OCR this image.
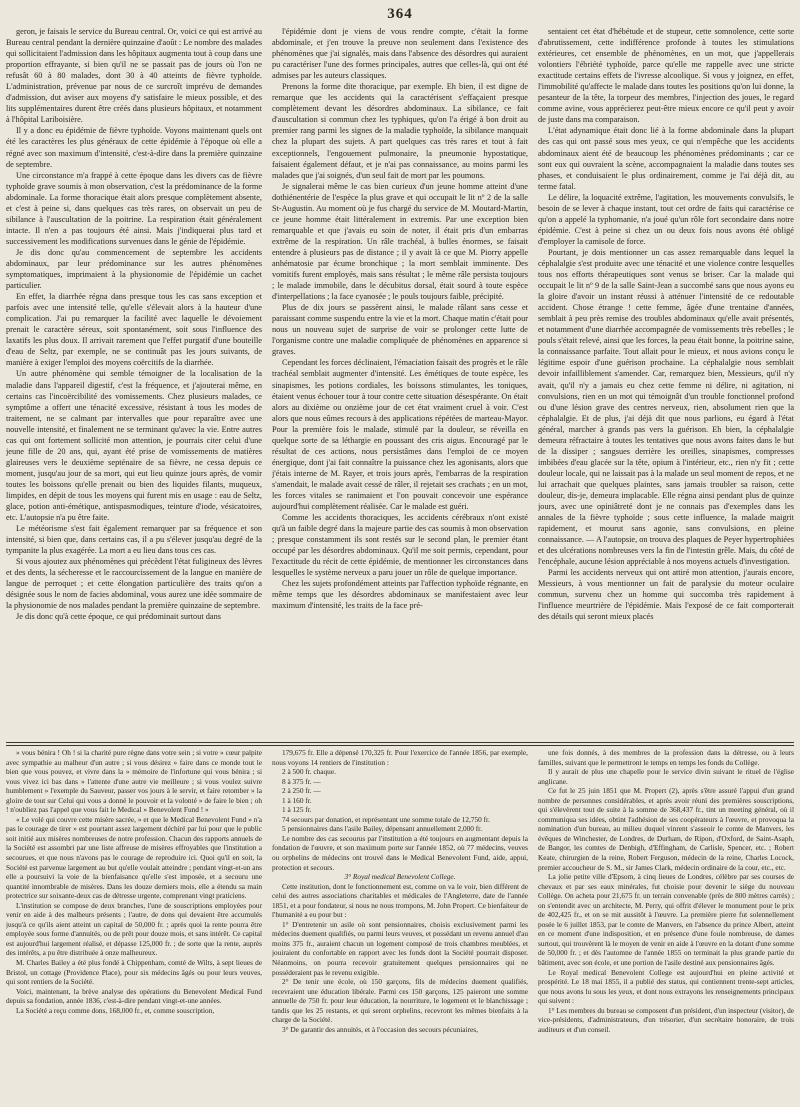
364

geron, je faisais le service du Bureau central. Or, voici ce qui est arrivé au Bureau central pendant la dernière quinzaine d'août : Le nombre des malades qui sollicitaient l'admission dans les hôpitaux augmenta tout à coup dans une proportion effrayante, si bien qu'il ne se passait pas de jours où l'on ne refusât 60 à 80 malades, dont 30 à 40 atteints de fièvre typhoïde. L'administration, prévenue par nous de ce surcroît imprévu de demandes d'admission, dut aviser aux moyens d'y satisfaire le mieux possible, et des lits supplémentaires durent être créés dans plusieurs hôpitaux, et notamment à l'hôpital Lariboisière.

Il y a donc eu épidémie de fièvre typhoïde. Voyons maintenant quels ont été les caractères les plus généraux de cette épidémie à l'époque où elle a régné avec son maximum d'intensité, c'est-à-dire dans la première quinzaine de septembre.

Une circonstance m'a frappé à cette époque dans les divers cas de fièvre typhoïde grave soumis à mon observation, c'est la prédominance de la forme abdominale. La forme thoracique était alors presque complètement absente, et c'est à peine si, dans quelques cas très rares, on observait un peu de sibilance à l'auscultation de la poitrine. La respiration était généralement intacte. Il n'en a pas toujours été ainsi. Mais j'indiquerai plus tard et successivement les modifications survenues dans le génie de l'épidémie.

Je dis donc qu'au commencement de septembre les accidents abdominaux, par leur prédominance sur les autres phénomènes symptomatiques, imprimaient à la physionomie de l'épidémie un cachet particulier.

En effet, la diarrhée régna dans presque tous les cas sans exception et parfois avec une intensité telle, qu'elle s'élevait alors à la hauteur d'une complication. J'ai pu remarquer la facilité avec laquelle le dévoiement prenait le caractère séreux, soit spontanément, soit sous l'influence des laxatifs les plus doux. Il arrivait rarement que l'effet purgatif d'une bouteille d'eau de Seltz, par exemple, ne se continuât pas les jours suivants, de manière à exiger l'emploi des moyens coërcitifs de la diarrhée.

Un autre phénomène qui semble témoigner de la localisation de la maladie dans l'appareil digestif, c'est la fréquence, et j'ajouterai même, en certains cas l'incoërcibilité des vomissements. Chez plusieurs malades, ce symptôme a offert une ténacité excessive, résistant à tous les modes de traitement, ne se calmant par intervalles que pour reparaître avec une nouvelle intensité, et finalement ne se terminant qu'avec la vie. Entre autres cas qui ont fortement sollicité mon attention, je pourrais citer celui d'une jeune fille de 20 ans, qui, ayant été prise de vomissements de matières glaireuses vers le deuxième septénaire de sa fièvre, ne cessa depuis ce moment, jusqu'au jour de sa mort, qui eut lieu quinze jours après, de vomir toutes les boissons qu'elle prenait ou bien des liquides filants, muqueux, limpides, en dépit de tous les moyens qui furent mis en usage : eau de Seltz, glace, potion anti-émétique, antispasmodiques, teinture d'iode, vésicatoires, etc. L'autopsie n'a pu être faite.

Le météorisme s'est fait également remarquer par sa fréquence et son intensité, si bien que, dans certains cas, il a pu s'élever jusqu'au degré de la tympanite la plus exagérée. La mort a eu lieu dans tous ces cas.

Si vous ajoutez aux phénomènes qui précèdent l'état fuligineux des lèvres et des dents, la sécheresse et le raccourcissement de la langue en manière de langue de perroquet ; et cette élongation particulière des traits qu'on a désignée sous le nom de facies abdominal, vous aurez une idée sommaire de la physionomie de nos malades pendant la première quinzaine de septembre.

Je dis donc qu'à cette époque, ce qui prédominait surtout dans

l'épidémie dont je viens de vous rendre compte, c'était la forme abdominale, et j'en trouve la preuve non seulement dans l'existence des phénomènes que j'ai signalés, mais dans l'absence des désordres qui auraient pu caractériser l'une des formes principales, autres que celles-là, qui ont été admises par les auteurs classiques.

Prenons la forme dite thoracique, par exemple. Eh bien, il est digne de remarque que les accidents qui la caractérisent s'effaçaient presque complètement devant les désordres abdominaux. La sibilance, ce fait d'auscultation si commun chez les typhiques, qu'on l'a érigé à bon droit au premier rang parmi les signes de la maladie typhoïde, la sibilance manquait chez la plupart des sujets. A part quelques cas très rares et tout à fait exceptionnels, l'engouement pulmonaire, la pneumonie hypostatique, faisaient également défaut, et je n'ai pas connaissance, au moins parmi les malades que j'ai soignés, d'un seul fait de mort par les poumons.

Je signalerai même le cas bien curieux d'un jeune homme atteint d'une dothiénentérie de l'espèce la plus grave et qui occupait le lit nº 2 de la salle St-Augustin. Au moment où je fus chargé du service de M. Moutard-Martin, ce jeune homme était littéralement in extremis. Par une exception bien remarquable et que j'avais eu soin de noter, il était pris d'un embarras extrême de la respiration. Un râle trachéal, à bulles énormes, se faisait entendre à plusieurs pas de distance ; il y avait là ce que M. Piorry appelle anhématosie par écume bronchique ; la mort semblait imminente. Des vomitifs furent employés, mais sans résultat ; le même râle persista toujours ; le malade immobile, dans le décubitus dorsal, était sourd à toute espèce d'interpellations ; la face cyanosée ; le pouls toujours faible, précipité.

Plus de dix jours se passèrent ainsi, le malade râlant sans cesse et paraissant comme suspendu entre la vie et la mort. Chaque matin c'était pour nous un nouveau sujet de surprise de voir se prolonger cette lutte de l'organisme contre une maladie compliquée de phénomènes en apparence si graves.

Cependant les forces déclinaient, l'émaciation faisait des progrès et le râle trachéal semblait augmenter d'intensité. Les émétiques de toute espèce, les sinapismes, les potions cordiales, les boissons stimulantes, les toniques, étaient venus échouer tour à tour contre cette situation désespérante. On était alors au dixième ou onzième jour de cet état vraiment cruel à voir. C'est alors que nous eûmes recours à des applications répétées de marteau-Mayor. Pour la première fois le malade, stimulé par la douleur, se réveilla en quelque sorte de sa léthargie en poussant des cris aigus. Encouragé par le résultat de ces actions, nous persistâmes dans l'emploi de ce moyen énergique, dont j'ai fait connaître la puissance chez les agonisants, alors que j'étais interne de M. Rayer, et trois jours après, l'embarras de la respiration s'amendait, le malade avait cessé de râler, il rejetait ses crachats ; en un mot, les forces vitales se ranimaient et l'on pouvait concevoir une espérance aujourd'hui complètement réalisée. Car le malade est guéri.

Comme les accidents thoraciques, les accidents cérébraux n'ont existé qu'à un faible degré dans la majeure partie des cas soumis à mon observation ; presque constamment ils sont restés sur le second plan, le premier étant occupé par les désordres abdominaux. Qu'il me soit permis, cependant, pour l'exactitude du récit de cette épidémie, de mentionner les circonstances dans lesquelles le système nerveux a paru jouer un rôle de quelque importance.

Chez les sujets profondément atteints par l'affection typhoïde régnante, en même temps que les désordres abdominaux se manifestaient avec leur maximum d'intensité, les traits de la face pré-

sentaient cet état d'hébétude et de stupeur, cette somnolence, cette sorte d'abrutissement, cette indifférence profonde à toutes les stimulations extérieures, cet ensemble de phénomènes, en un mot, que j'appellerais volontiers l'ébriété typhoïde, parce qu'elle me rappelle avec une stricte exactitude certains effets de l'ivresse alcoolique. Si vous y joignez, en effet, l'immobilité qu'affecte le malade dans toutes les positions qu'on lui donne, la pesanteur de la tête, la torpeur des membres, l'injection des joues, le regard comme avine, vous apprécierez peut-être mieux encore ce qu'il peut y avoir de juste dans ma comparaison.

L'état adynamique était donc lié à la forme abdominale dans la plupart des cas qui ont passé sous mes yeux, ce qui n'empêche que les accidents abdominaux aient été de beaucoup les phénomènes prédominants ; car ce sont eux qui ouvraient la scène, accompagnaient la maladie dans toutes ses phases, et conduisaient le plus ordinairement, comme je l'ai déjà dit, au terme fatal.

Le délire, la loquacité extrême, l'agitation, les mouvements convulsifs, le besoin de se lever à chaque instant, tout cet ordre de faits qui caractérise ce qu'on a appelé la typhomanie, n'a joué qu'un rôle fort secondaire dans notre épidémie. C'est à peine si chez un ou deux fois nous avons été obligé d'employer la camisole de force.

Pourtant, je dois mentionner un cas assez remarquable dans lequel la céphalalgie s'est produite avec une ténacité et une violence contre lesquelles tous nos efforts thérapeutiques sont venus se briser. Car la malade qui occupait le lit nº 9 de la salle Saint-Jean a succombé sans que nous ayons eu la gloire d'avoir un instant réussi à atténuer l'intensité de ce redoutable accident. Chose étrange ! cette femme, âgée d'une trentaine d'années, semblait à peu près remise des troubles abdominaux qu'elle avait présentés, et notamment d'une diarrhée accompagnée de vomissements très rebelles ; le pouls s'était relevé, ainsi que les forces, la peau était bonne, la poitrine saine, la connaissance parfaite. Tout allait pour le mieux, et nous avions conçu le légitime espoir d'une guérison prochaine. La céphalalgie nous semblait devoir infailliblement s'amender. Car, remarquez bien, Messieurs, qu'il n'y avait, qu'il n'y a jamais eu chez cette femme ni délire, ni agitation, ni convulsions, rien en un mot qui témoignât d'un trouble fonctionnel profond ou d'une lésion grave des centres nerveux, rien, absolument rien que la céphalalgie. Et de plus, j'ai déjà dit que nous parlions, eu égard à l'état général, marcher à grands pas vers la guérison. Eh bien, la céphalalgie demeura réfractaire à toutes les tentatives que nous avons faites dans le but de la dissiper ; sangsues derrière les oreilles, sinapismes, compresses imbibées d'eau glacée sur la tête, opium à l'intérieur, etc., rien n'y fit ; cette douleur locale, qui ne laissait pas à la malade un seul moment de repos, et ne lui arrachait que quelques plaintes, sans jamais troubler sa raison, cette douleur, dis-je, demeura implacable. Elle régna ainsi pendant plus de quinze jours, avec une opiniâtreté dont je ne connais pas d'exemples dans les annales de la fièvre typhoïde ; sous cette influence, la malade maigrit rapidement, et mourut sans agonie, sans convulsions, en pleine connaissance. — A l'autopsie, on trouva des plaques de Peyer hypertrophiées et des ulcérations nombreuses vers la fin de l'intestin grêle. Mais, du côté de l'encéphale, aucune lésion appréciable à nos moyens actuels d'investigation.

Parmi les accidents nerveux qui ont attiré mon attention, j'aurais encore, Messieurs, à vous mentionner un fait de paralysie du moteur oculaire commun, survenu chez un homme qui succomba très rapidement à l'influence meurtrière de l'épidémie. Mais l'exposé de ce fait comporterait des détails qui seront mieux placés

» vous bénira ! Oh ! si la charité pure règne dans votre sein ; si votre » cœur palpite avec sympathie au malheur d'un autre ; si vous désirez » faire dans ce monde tout le bien que vous pouvez, et vivre dans la » mémoire de l'infortune qui vous bénira ; si vous vivez ici bas dans » l'attente d'une autre vie meilleure ; si vous voulez suivre humblement » l'exemple du Sauveur, passer vos jours à le servir, et faire retomber » la gloire de tout sur Celui qui vous a donné le pouvoir et la volonté » de faire le bien ; oh ! n'oubliez pas l'appel que vous fait le Medical » Benevolent Fund ! »

« Le volé qui couvre cette misère sacrée, » et que le Medical Benevolent Fund » n'a pas le courage de tirer » est pourtant assez largement déchiré par lui pour que le public soit initié aux misères nombreuses de notre profession. Chacun des rapports annuels de la Société est assombri par une liste affreuse de misères effroyables que l'institution a secourues, et que nous n'avons pas le courage de reproduire ici. Quoi qu'il en soit, la Société est parvenue largement au but qu'elle voulait atteindre ; pendant vingt-et-un ans elle a poursuivi la voie de la bienfaisance qu'elle s'est imposée, et a secouru une quantité innombrable de misères. Dans les douze derniers mois, elle a étendu sa main protectrice sur soixante-deux cas de détresse urgente, comprenant vingt praticiens.

L'institution se compose de deux branches, l'une de souscriptions employées pour venir en aide à des malheurs présents ; l'autre, de dons qui devaient être accumulés jusqu'à ce qu'ils aient atteint un capital de 50,000 fr. ; après quoi la rente pourra être employée sous forme d'annuités, ou de prêt pour douze mois, et sans intérêt. Ce capital est aujourd'hui largement réalisé, et dépasse 125,000 fr. ; de sorte que la rente, auprès des intérêts, a pu être distribuée à onze malheureux.

M. Charles Bailey a été plus fondé à Chippenham, comté de Wilts, à sept lieues de Bristol, un cottage (Providence Place), pour six médecins âgés ou pour leurs veuves, qui sont rentiers de la Société.

Voici, maintenant, la brève analyse des opérations du Benevolent Medical Fund depuis sa fondation, année 1836, c'est-à-dire pendant vingt-et-une années.

La Société a reçu comme dons, 168,000 fr., et, comme souscription,

179,675 fr. Elle a dépensé 170,325 fr. Pour l'exercice de l'année 1856, par exemple, nous voyons 14 rentiers de l'institution :

2 à 500 fr. chaque.

8 à 375 fr. —

2 à 250 fr. —

1 à 160 fr.

1 à 125 fr.

74 secours par donation, et représentant une somme totale de 12,750 fr.

5 pensionnaires dans l'asile Bailey, dépensant annuellement 2,000 fr.

Le nombre des cas secourus par l'institution a été toujours en augmentant depuis la fondation de l'œuvre, et son maximum porte sur l'année 1852, où 77 médecins, veuves ou orphelins de médecins ont trouvé dans le Medical Benevolent Fund, aide, appui, protection et secours.

3° Royal medical Benevolent College.

Cette institution, dont le fonctionnement est, comme on va le voir, bien différent de celui des autres associations charitables et médicales de l'Angleterre, date de l'année 1851, et a pour fondateur, si nous ne nous trompons, M. John Propert. Ce bienfaiteur de l'humanité a eu pour but :

1° D'entretenir un asile où sont pensionnaires, choisis exclusivement parmi les médecins duement qualifiés, ou parmi leurs veuves, et possédant un revenu annuel d'au moins 375 fr., auraient chacun un logement composé de trois chambres meublées, et jouiraient du confortable en rapport avec les fonds dont la Société pourrait disposer. Néanmoins, on pourra recevoir gratuitement quelques pensionnaires qui ne posséderaient pas le revenu exigible.

2° De tenir une école, où 150 garçons, fils de médecins duement qualifiés, recevraient une éducation libérale. Parmi ces 150 garçons, 125 paieront une somme annuelle de 750 fr. pour leur éducation, la nourriture, le logement et le blanchissage ; tandis que les 25 restants, et qui seront orphelins, recevront les mêmes bienfaits à la charge de la Société.

3° De garantir des annuités, et à l'occasion des secours pécuniaires,

une fois donnés, à des membres de la profession dans la détresse, ou à leurs familles, suivant que le permettront le temps en temps les fonds du Collège.

Il y aurait de plus une chapelle pour le service divin suivant le rituel de l'église anglicane.

Ce fut le 25 juin 1851 que M. Propert (2), après s'être assuré l'appui d'un grand nombre de personnes considérables, et après avoir réuni des premières souscriptions, qui s'élevèrent tout de suite à la somme de 368,437 fr., tint un meeting général, où il communiqua ses idées, obtint l'adhésion de ses coopérateurs à l'œuvre, et provoqua la nomination d'un bureau, au milieu duquel vinrent s'asseoir le comte de Manvers, les évêques de Winchester, de Londres, de Durham, de Ripon, d'Oxford, de Saint-Asaph, de Bangor, les comtes de Denbigh, d'Effingham, de Carlisle, Spencer, etc. ; Robert Keate, chirurgien de la reine, Robert Ferguson, médecin de la reine, Charles Locock, premier accoucheur de S. M., sir James Clark, médecin ordinaire de la cour, etc., etc.

La jolie petite ville d'Epsom, à cinq lieues de Londres, célèbre par ses courses de chevaux et par ses eaux minérales, fut choisie pour devenir le siège du nouveau Collège. On acheta pour 21,675 fr. un terrain convenable (près de 800 mètres carrés) ; on s'entendit avec un architecte, M. Perry, qui offrit d'élever le monument pour le prix de 402,425 fr., et on se mit aussitôt à l'œuvre. La première pierre fut solennellement posée le 6 juillet 1853, par le comte de Manvers, en l'absence du prince Albert, atteint en ce moment d'une indisposition, et en présence d'une foule nombreuse, de dames surtout, qui trouvèrent là le moyen de venir en aide à l'œuvre en la dotant d'une somme de 50,000 fr. ; et dès l'automne de l'année 1855 on terminait la plus grande partie du bâtiment, avec son école, et une portion de l'asile destiné aux pensionnaires âgés.

Le Royal medical Benevolent College est aujourd'hui en pleine activité et prospérité. Le 18 mai 1855, il a publié des status, qui contiennent trente-sept articles, que nous avons lu sous les yeux, et dont nous extrayons les renseignements principaux qui suivent :

1° Les membres du bureau se composent d'un président, d'un inspecteur (visitor), de vice-présidents, d'administrateurs, d'un trésorier, d'un secrétaire honoraire, de trois auditeurs et d'un conseil.
